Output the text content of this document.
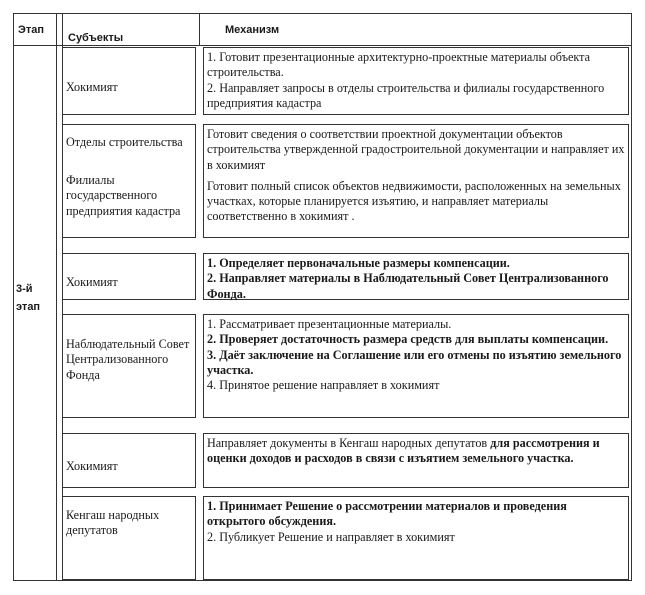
Этап
Субъекты
Механизм
3-й
этап
Хокимият
1. Готовит презентационные архитектурно-проектные материалы объекта строительства.
2. Направляет запросы в отделы строительства и филиалы государственного предприятия кадастра
Отделы строительства
Филиалы государственного предприятия кадастра
Готовит сведения о соответствии проектной документации объектов строительства утвержденной градостроительной документации и направляет их в хокимият
Готовит полный список объектов недвижимости, расположенных на земельных участках, которые планируется изъятию, и направляет материалы соответственно в хокимият .
Хокимият
1. Определяет первоначальные размеры компенсации.
2. Направляет материалы в Наблюдательный Совет Централизованного Фонда.
Наблюдательный Совет Централизованного Фонда
1. Рассматривает презентационные материалы.
2. Проверяет достаточность размера средств для выплаты компенсации.
3. Даёт заключение на Соглашение или его отмены по изъятию земельного участка.
4. Принятое решение направляет в хокимият
Хокимият
Направляет документы в Кенгаш народных депутатов для рассмотрения и оценки доходов и расходов в связи с изъятием земельного участка.
Кенгаш народных депутатов
1. Принимает Решение о рассмотрении материалов и проведения открытого обсуждения.
2. Публикует Решение и направляет в хокимият
